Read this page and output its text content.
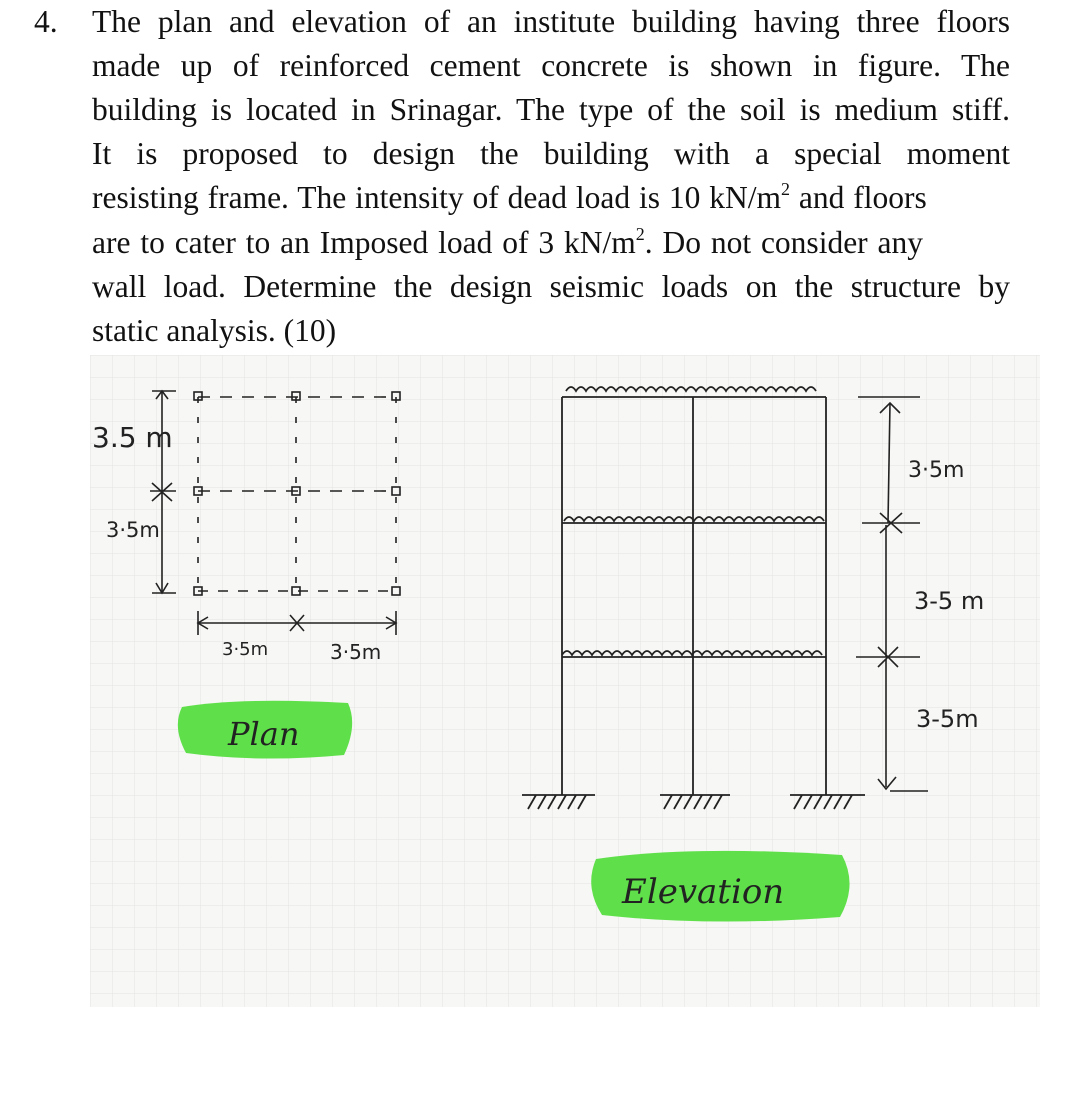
4. The plan and elevation of an institute building having three floors
made up of reinforced cement concrete is shown in figure. The
building is located in Srinagar. The type of the soil is medium stiff.
It is proposed to design the building with a special moment
resisting frame. The intensity of dead load is 10 $kN/m^2$ and floors
are to cater to an Imposed load of 3 $kN/m^2$. Do not consider any
wall load. Determine the design seismic loads on the structure by
static analysis. (10)
3.5 m
3·5m
3·5m	3·5m
Plan
3·5m
3-5 m
3-5m
Elevation
